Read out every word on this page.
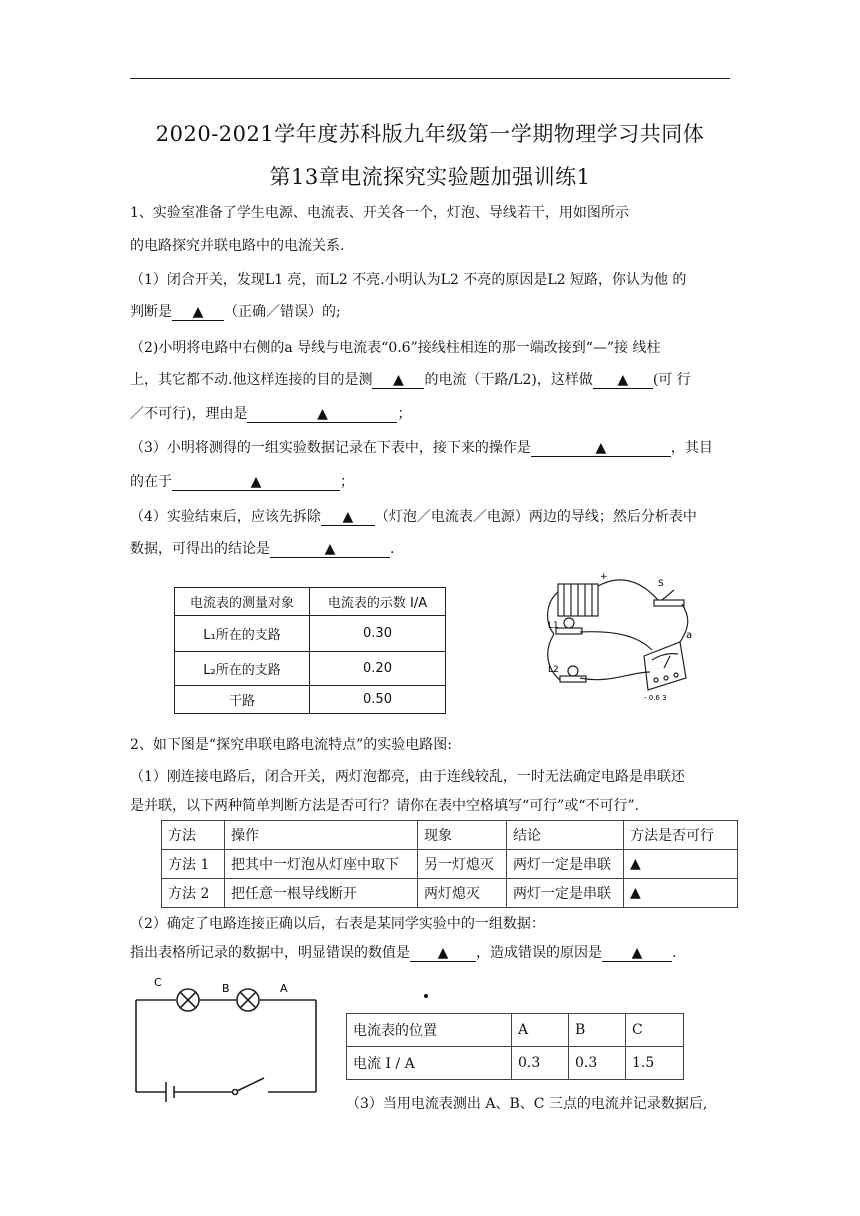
2020-2021学年度苏科版九年级第一学期物理学习共同体
第13章电流探究实验题加强训练1
1、实验室准备了学生电源、电流表、开关各一个，灯泡、导线若干，用如图所示
的电路探究并联电路中的电流关系.
（1）闭合开关，发现L1 亮，而L2 不亮.小明认为L2 不亮的原因是L2 短路，你认为他 的
判断是 ▲ （正确／错误）的;
（2)小明将电路中右侧的a 导线与电流表“0.6”接线柱相连的那一端改接到“—”接 线柱
上，其它都不动.他这样连接的目的是测 ▲ 的电流（干路/L2)，这样做 ▲ (可 行
／不可行)，理由是	▲	；
（3）小明将测得的一组实验数据记录在下表中，接下来的操作是	▲	，其目
的在于	▲	；
（4）实验结束后，应该先拆除 ▲ （灯泡／电流表／电源）两边的导线；然后分析表中
数据，可得出的结论是	▲	.
电流表的测量对象	电流表的示数 I/A
L₁所在的支路	0.30
L₂所在的支路	0.20
干路	0.50
+
S
L1
L2
a
- 0.6 3
2、如下图是“探究串联电路电流特点”的实验电路图:
（1）刚连接电路后，闭合开关，两灯泡都亮，由于连线较乱，一时无法确定电路是串联还
是并联，以下两种简单判断方法是否可行？请你在表中空格填写“可行”或“不可行”.
方法	操作	现象	结论	方法是否可行
方法 1	把其中一灯泡从灯座中取下	另一灯熄灭	两灯一定是串联	▲
方法 2	把任意一根导线断开	两灯熄灭	两灯一定是串联	▲
（2）确定了电路连接正确以后，右表是某同学实验中的一组数据：
指出表格所记录的数据中，明显错误的数值是 ▲ ，造成错误的原因是 ▲ .
C	B	A
电流表的位置	A	B	C
电流 I / A	0.3	0.3	1.5
（3）当用电流表测出 A、B、C 三点的电流并记录数据后,
